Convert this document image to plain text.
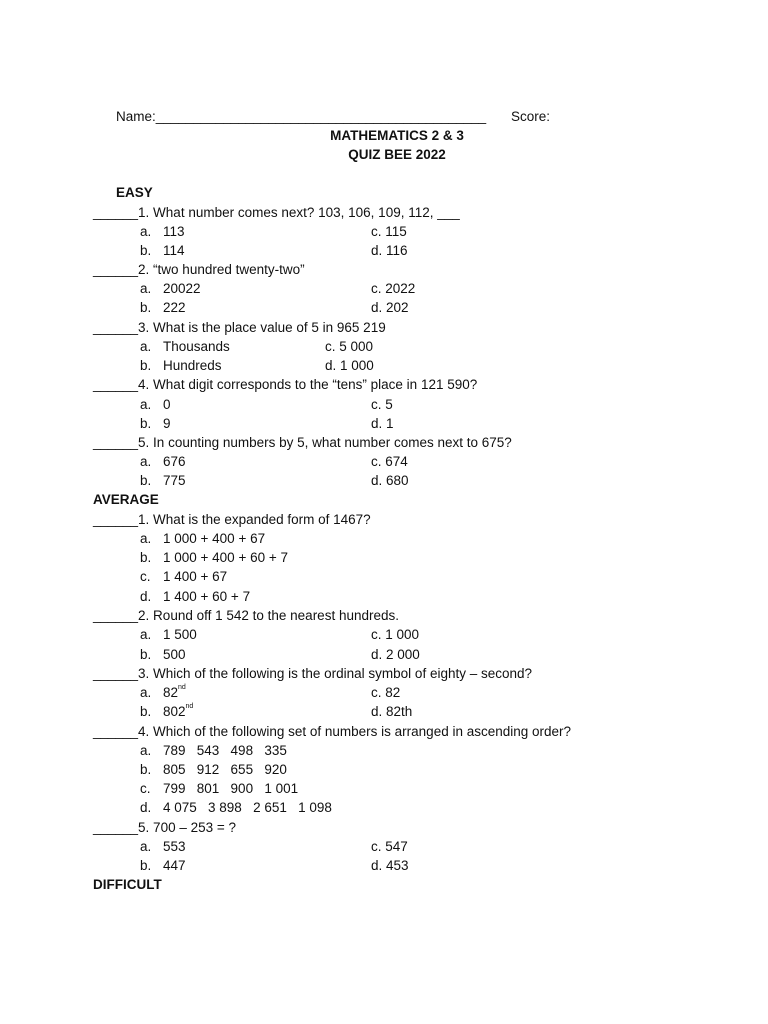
Name:____________________________________________ Score:
MATHEMATICS 2 & 3
QUIZ BEE 2022
EASY
______1. What number comes next? 103, 106, 109, 112, ___
a. 113	c. 115
b. 114	d. 116
______2. “two hundred twenty-two”
a. 20022	c. 2022
b. 222	d. 202
______3. What is the place value of 5 in 965 219
a. Thousands	c. 5 000
b. Hundreds	d. 1 000
______4. What digit corresponds to the “tens” place in 121 590?
a. 0	c. 5
b. 9	d. 1
______5. In counting numbers by 5, what number comes next to 675?
a. 676	c. 674
b. 775	d. 680
AVERAGE
______1. What is the expanded form of 1467?
a. 1 000 + 400 + 67
b. 1 000 + 400 + 60 + 7
c. 1 400 + 67
d. 1 400 + 60 + 7
______2. Round off 1 542 to the nearest hundreds.
a. 1 500	c. 1 000
b. 500	d. 2 000
______3. Which of the following is the ordinal symbol of eighty – second?
a. 82nd	c. 82
b. 802nd	d. 82th
______4. Which of the following set of numbers is arranged in ascending order?
a. 789   543   498   335
b. 805   912   655   920
c. 799   801   900   1 001
d. 4 075   3 898   2 651   1 098
______5. 700 – 253 = ?
a. 553	c. 547
b. 447	d. 453
DIFFICULT
